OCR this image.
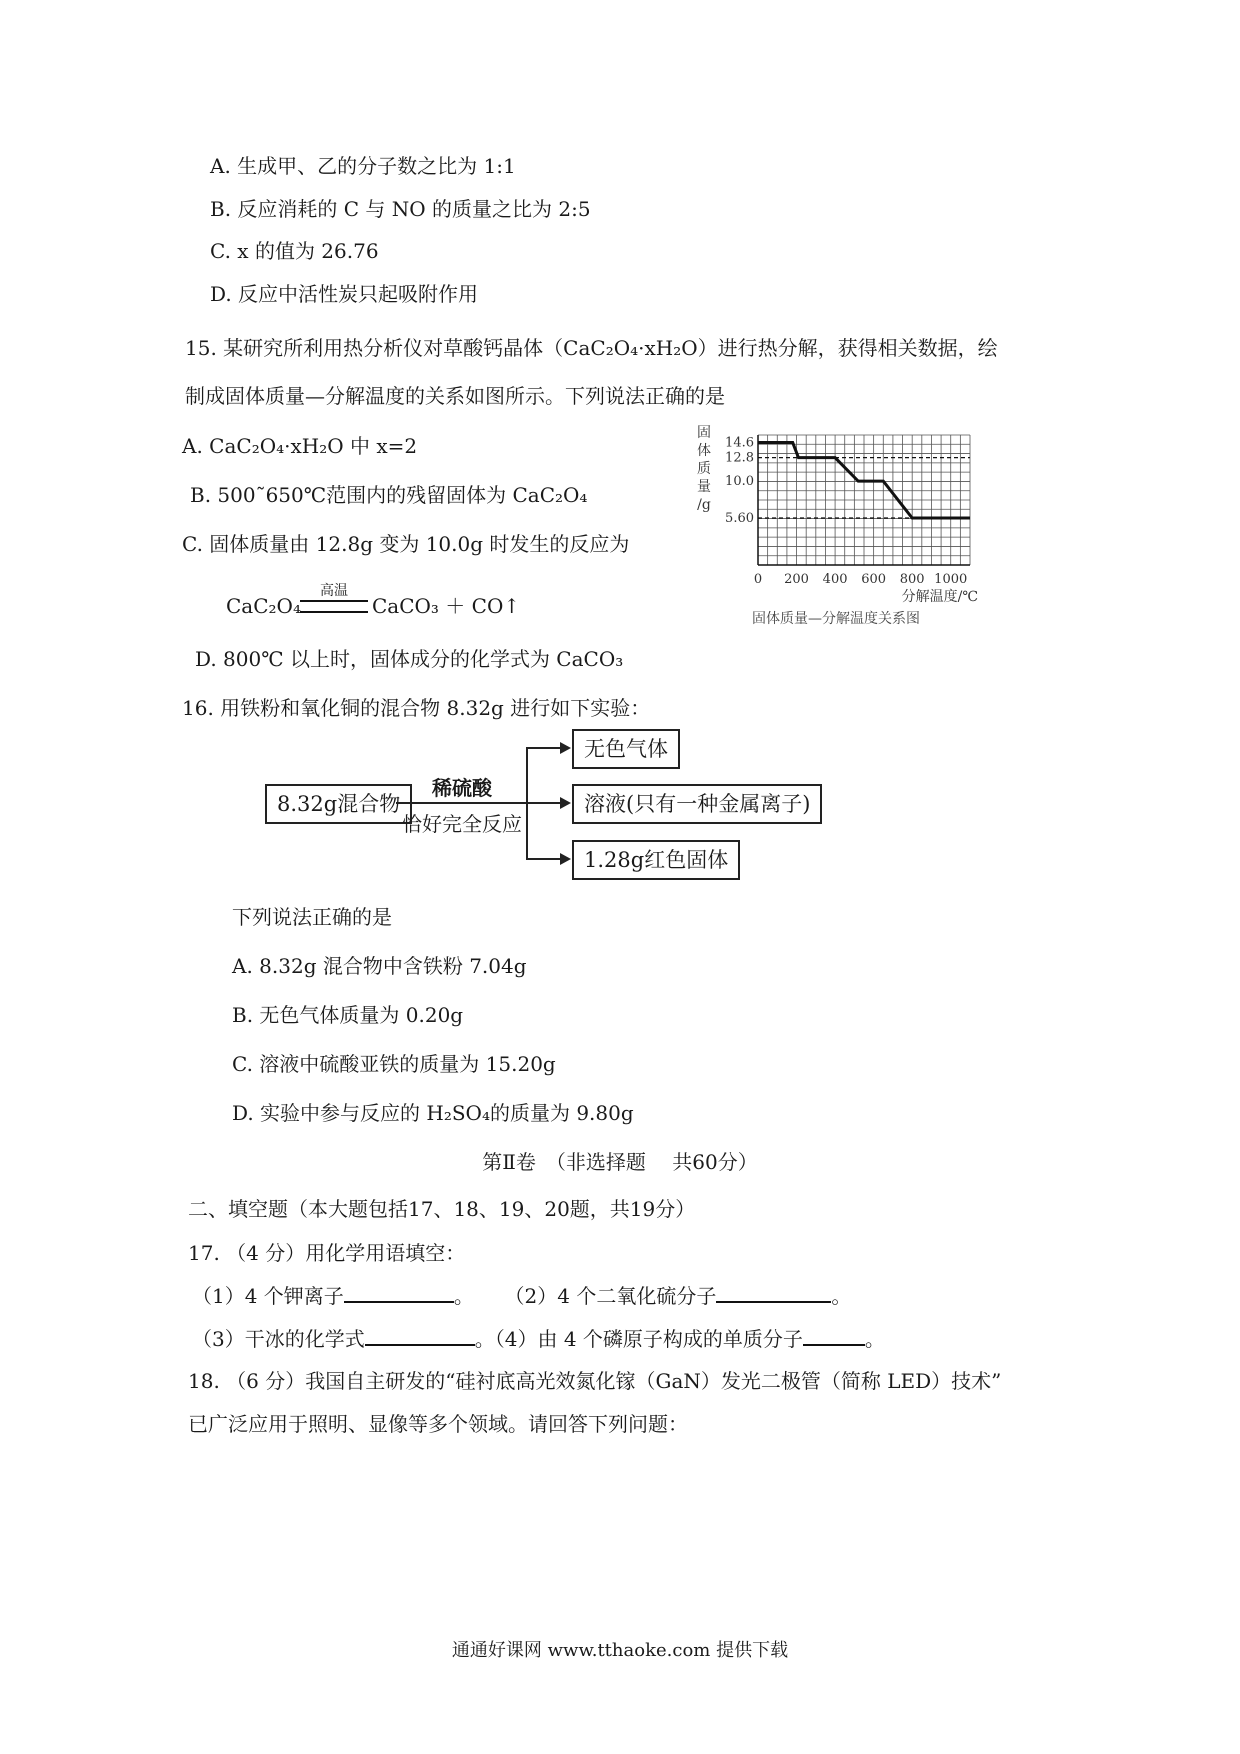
A. 生成甲、乙的分子数之比为 1:1
B. 反应消耗的 C 与 NO 的质量之比为 2:5
C. x 的值为 26.76
D. 反应中活性炭只起吸附作用
15. 某研究所利用热分析仪对草酸钙晶体（CaC₂O₄·xH₂O）进行热分解，获得相关数据，绘
制成固体质量—分解温度的关系如图所示。下列说法正确的是
A. CaC₂O₄·xH₂O 中 x=2
B. 500˜650℃范围内的残留固体为 CaC₂O₄
C. 固体质量由 12.8g 变为 10.0g 时发生的反应为
CaC₂O₄
高温
CaCO₃ ＋ CO↑
D. 800℃ 以上时，固体成分的化学式为 CaCO₃
14.6
12.8
10.0
5.60
0 200 400 600 800 1000
固
体
质
量
/g
分解温度/℃
固体质量—分解温度关系图
16. 用铁粉和氧化铜的混合物 8.32g 进行如下实验：
8.32g混合物
稀硫酸
恰好完全反应
无色气体
溶液(只有一种金属离子)
1.28g红色固体
下列说法正确的是
A. 8.32g 混合物中含铁粉 7.04g
B. 无色气体质量为 0.20g
C. 溶液中硫酸亚铁的质量为 15.20g
D. 实验中参与反应的 H₂SO₄的质量为 9.80g
第Ⅱ卷　（非选择题　 共60分）
二、填空题（本大题包括17、18、19、20题，共19分）
17. （4 分）用化学用语填空：
（1）4 个钾离子	。 （2）4 个二氧化硫分子	。
（3）干冰的化学式	。（4）由 4 个磷原子构成的单质分子	。
18. （6 分）我国自主研发的“硅衬底高光效氮化镓（GaN）发光二极管（简称 LED）技术”
已广泛应用于照明、显像等多个领域。请回答下列问题：
通通好课网 www.tthaoke.com 提供下载
